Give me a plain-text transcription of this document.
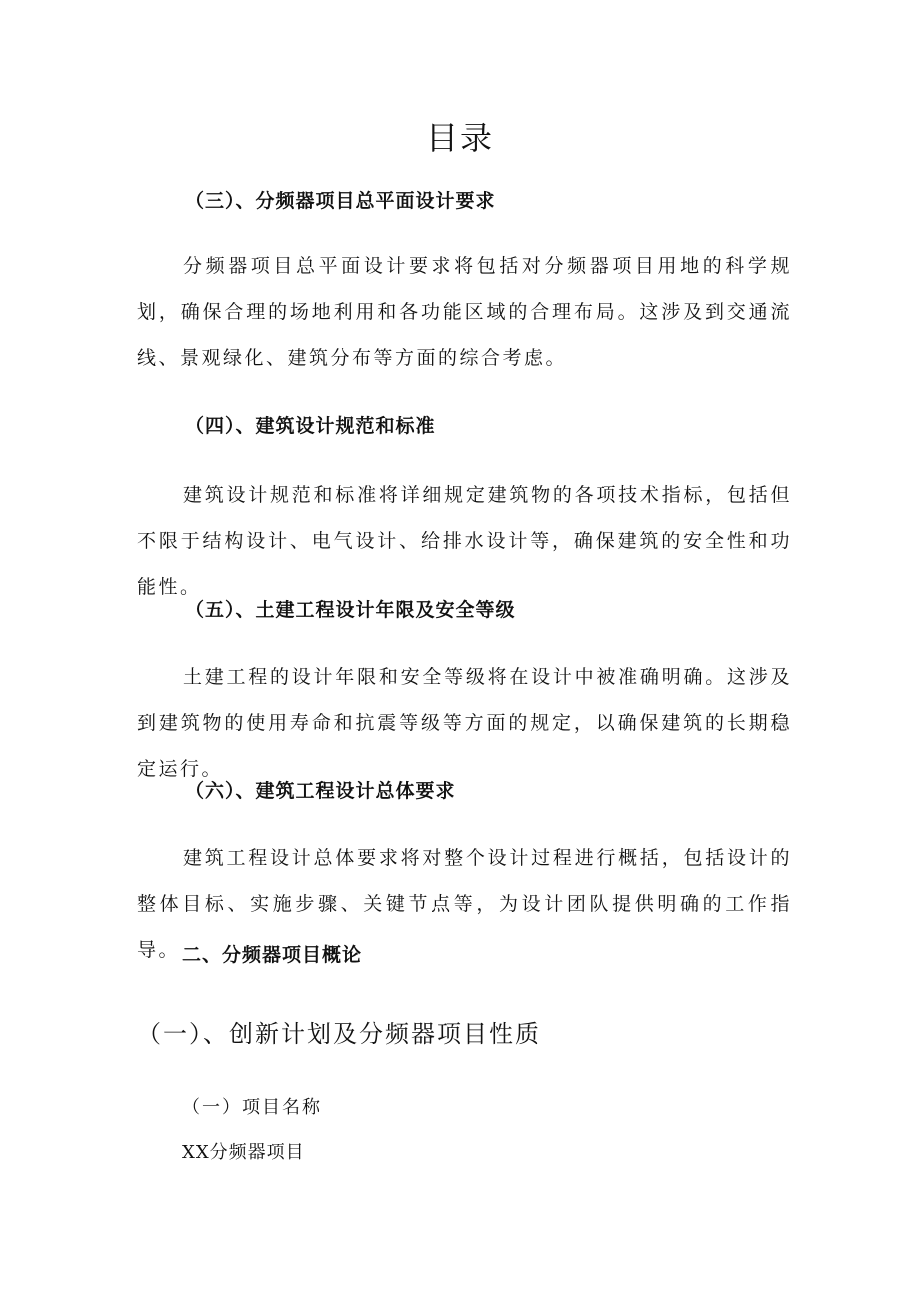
目录
（三）、分频器项目总平面设计要求
分频器项目总平面设计要求将包括对分频器项目用地的科学规划，确保合理的场地利用和各功能区域的合理布局。这涉及到交通流线、景观绿化、建筑分布等方面的综合考虑。
（四）、建筑设计规范和标准
建筑设计规范和标准将详细规定建筑物的各项技术指标，包括但不限于结构设计、电气设计、给排水设计等，确保建筑的安全性和功能性。
（五）、土建工程设计年限及安全等级
土建工程的设计年限和安全等级将在设计中被准确明确。这涉及到建筑物的使用寿命和抗震等级等方面的规定，以确保建筑的长期稳定运行。
（六）、建筑工程设计总体要求
建筑工程设计总体要求将对整个设计过程进行概括，包括设计的整体目标、实施步骤、关键节点等，为设计团队提供明确的工作指导。 二、分频器项目概论
（一）、创新计划及分频器项目性质
（一）项目名称
XX分频器项目
